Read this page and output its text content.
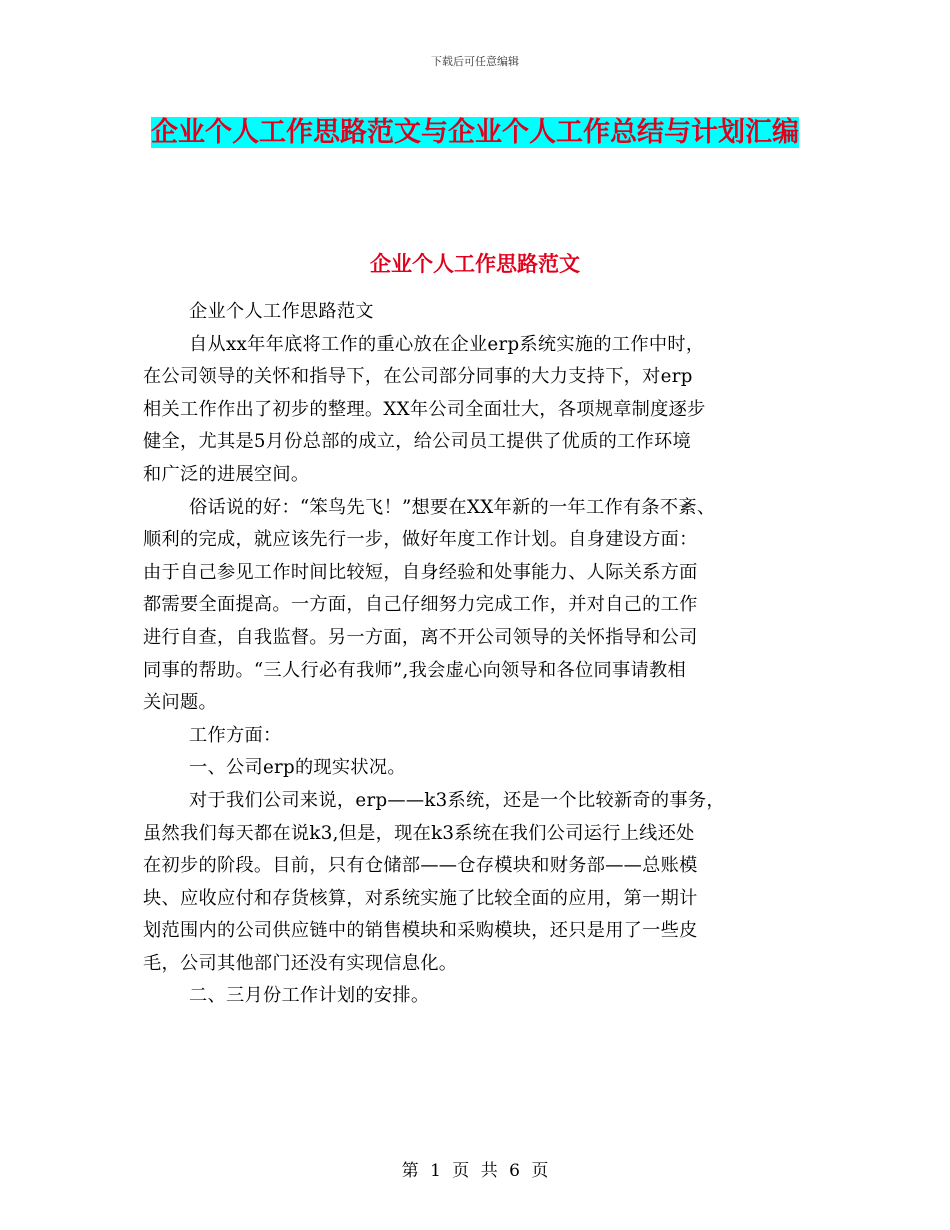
下载后可任意编辑
企业个人工作思路范文与企业个人工作总结与计划汇编
企业个人工作思路范文

企业个人工作思路范文

自从xx年年底将工作的重心放在企业erp系统实施的工作中时，

在公司领导的关怀和指导下，在公司部分同事的大力支持下，对erp

相关工作作出了初步的整理。XX年公司全面壮大，各项规章制度逐步

健全，尤其是5月份总部的成立，给公司员工提供了优质的工作环境

和广泛的进展空间。

俗话说的好：“笨鸟先飞！”想要在XX年新的一年工作有条不紊、

顺利的完成，就应该先行一步，做好年度工作计划。自身建设方面：

由于自己参见工作时间比较短，自身经验和处事能力、人际关系方面

都需要全面提高。一方面，自己仔细努力完成工作，并对自己的工作

进行自查，自我监督。另一方面，离不开公司领导的关怀指导和公司

同事的帮助。“三人行必有我师”,我会虚心向领导和各位同事请教相

关问题。

工作方面：

一、公司erp的现实状况。

对于我们公司来说，erp——k3系统，还是一个比较新奇的事务，

虽然我们每天都在说k3,但是，现在k3系统在我们公司运行上线还处

在初步的阶段。目前，只有仓储部——仓存模块和财务部——总账模

块、应收应付和存货核算，对系统实施了比较全面的应用，第一期计

划范围内的公司供应链中的销售模块和采购模块，还只是用了一些皮

毛，公司其他部门还没有实现信息化。

二、三月份工作计划的安排。

第 1 页 共 6 页
